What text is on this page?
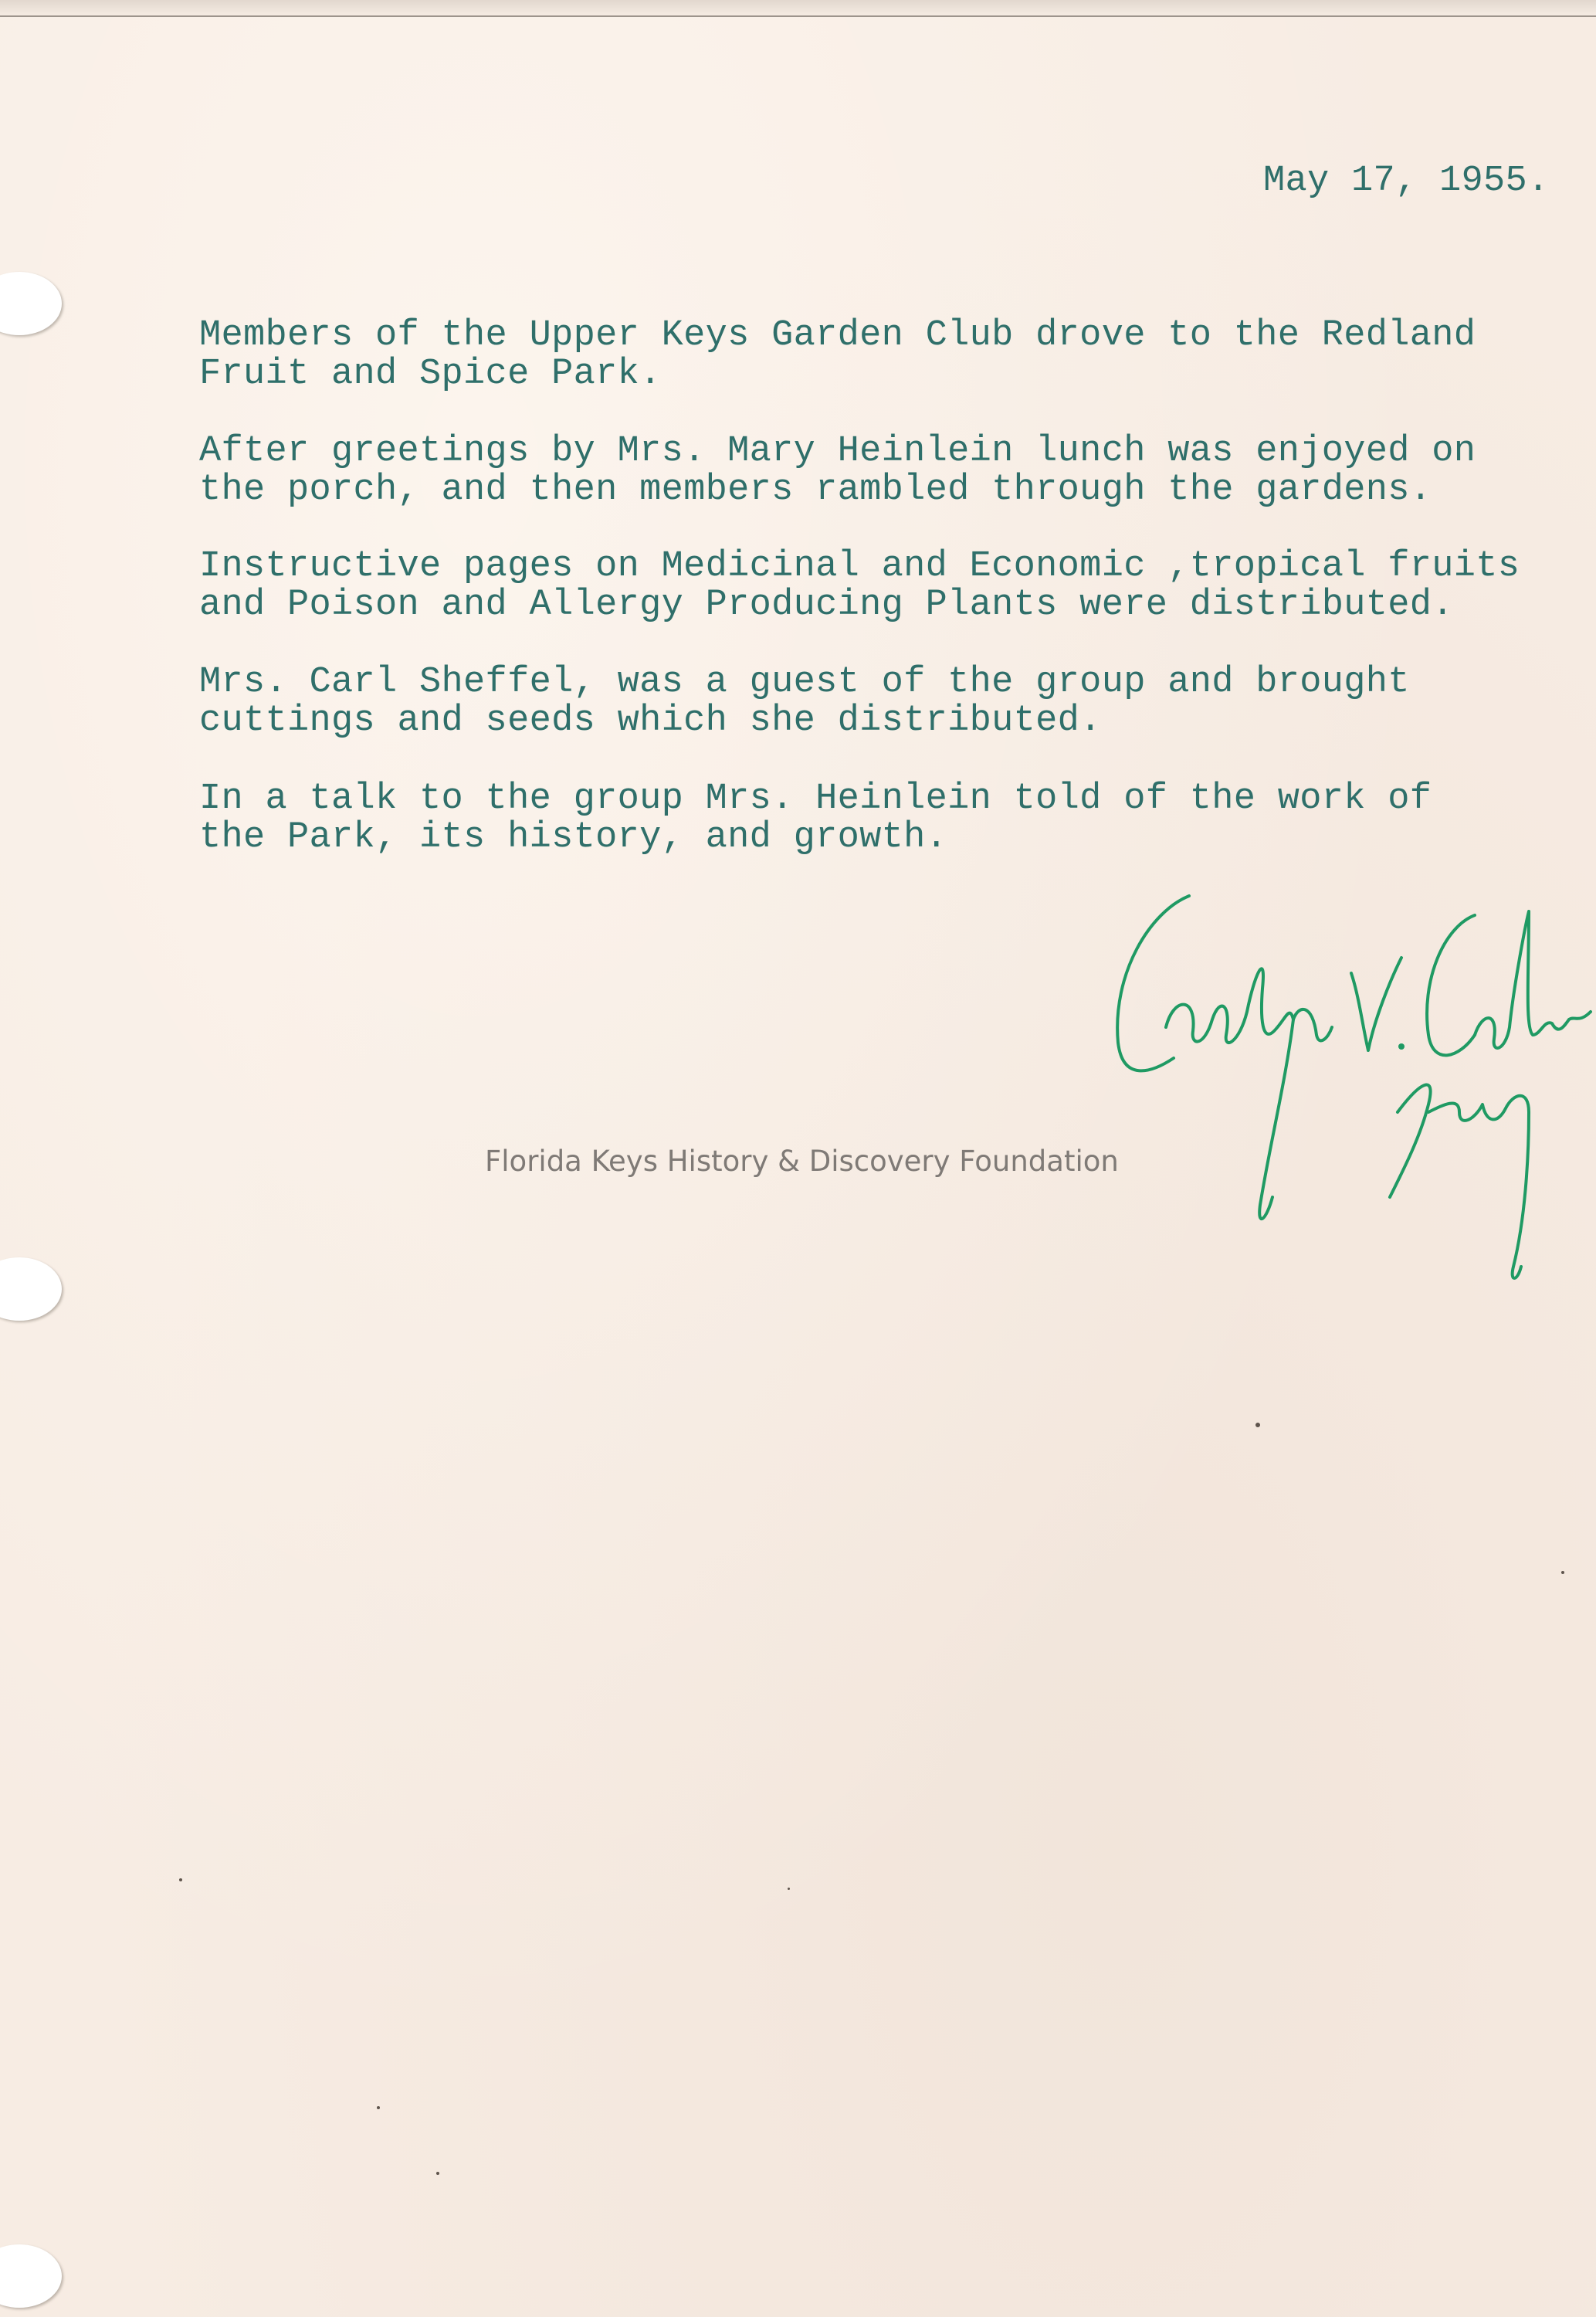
May 17, 1955.

Members of the Upper Keys Garden Club drove to the Redland
Fruit and Spice Park.

After greetings by Mrs. Mary Heinlein lunch was enjoyed on
the porch, and then members rambled through the gardens.

Instructive pages on Medicinal and Economic ,tropical fruits
and Poison and Allergy Producing Plants were distributed.

Mrs. Carl Sheffel, was a guest of the group and brought
cuttings and seeds which she distributed.

In a talk to the group Mrs. Heinlein told of the work of
the Park, its history, and growth.

Florida Keys History & Discovery Foundation
